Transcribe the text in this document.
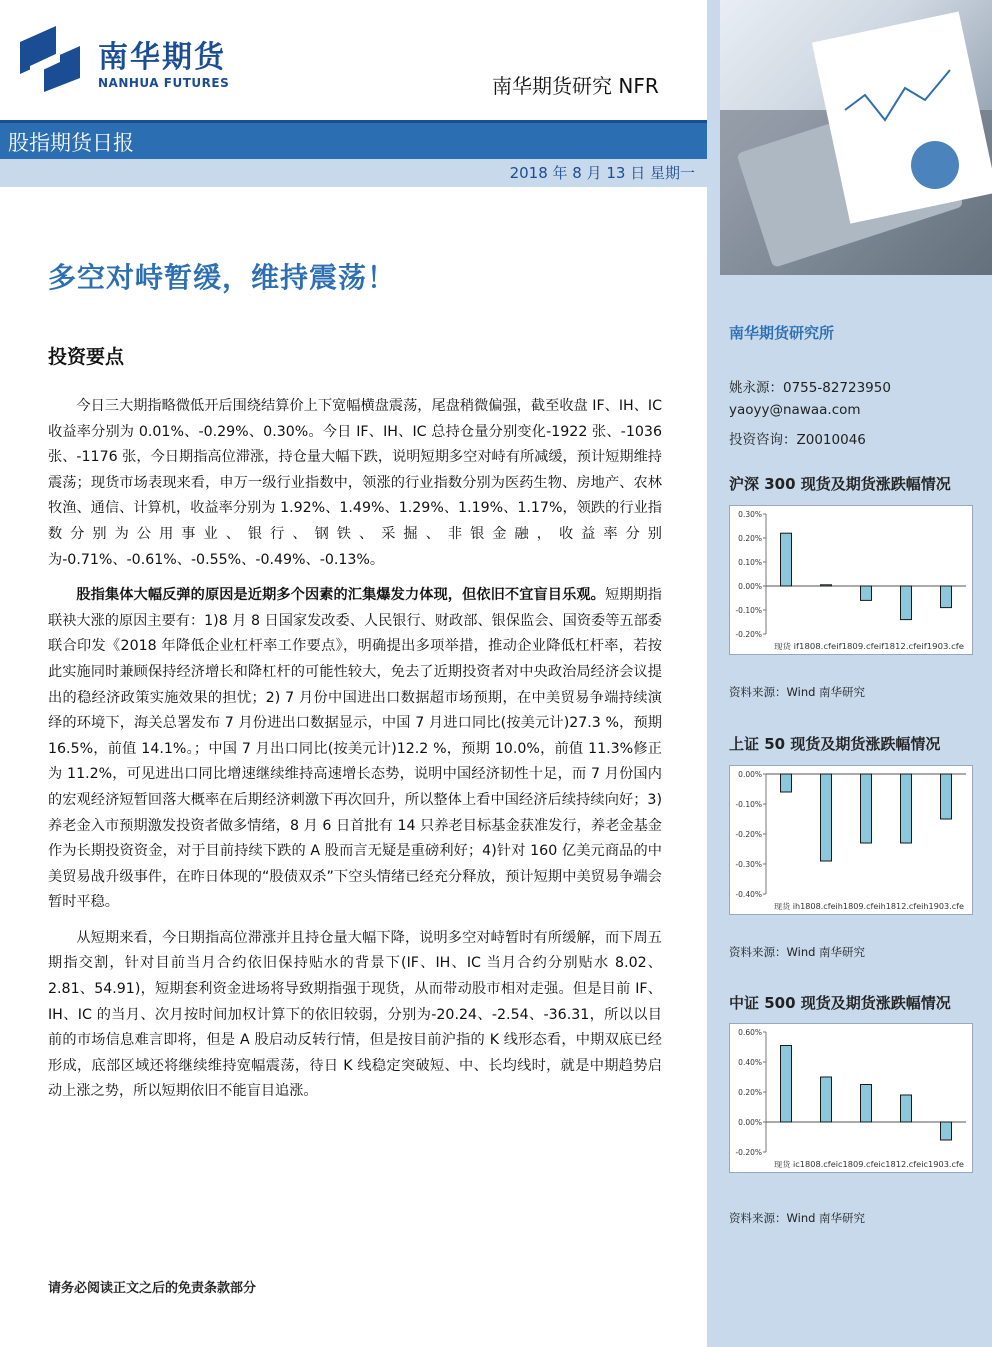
南华期货
NANHUA FUTURES	南华期货研究 NFR
股指期货日报
2018 年 8 月 13 日 星期一
多空对峙暂缓，维持震荡！
投资要点

今日三大期指略微低开后围绕结算价上下宽幅横盘震荡，尾盘稍微偏强，截至收盘 IF、IH、IC 收益率分别为 0.01%、-0.29%、0.30%。今日 IF、IH、IC 总持仓量分别变化-1922 张、-1036 张、-1176 张，今日期指高位滞涨，持仓量大幅下跌，说明短期多空对峙有所减缓，预计短期维持震荡；现货市场表现来看，申万一级行业指数中，领涨的行业指数分别为医药生物、房地产、农林牧渔、通信、计算机，收益率分别为 1.92%、1.49%、1.29%、1.19%、1.17%，领跌的行业指数分别为公用事业、银行、钢铁、采掘、非银金融，收益率分别为-0.71%、-0.61%、-0.55%、-0.49%、-0.13%。

股指集体大幅反弹的原因是近期多个因素的汇集爆发力体现，但依旧不宜盲目乐观。短期期指联袂大涨的原因主要有：1)8 月 8 日国家发改委、人民银行、财政部、银保监会、国资委等五部委联合印发《2018 年降低企业杠杆率工作要点》，明确提出多项举措，推动企业降低杠杆率，若按此实施同时兼顾保持经济增长和降杠杆的可能性较大，免去了近期投资者对中央政治局经济会议提出的稳经济政策实施效果的担忧；2) 7 月份中国进出口数据超市场预期，在中美贸易争端持续演绎的环境下，海关总署发布 7 月份进出口数据显示，中国 7 月进口同比(按美元计)27.3 %，预期 16.5%，前值 14.1%。；中国 7 月出口同比(按美元计)12.2 %，预期 10.0%，前值 11.3%修正为 11.2%，可见进出口同比增速继续维持高速增长态势，说明中国经济韧性十足，而 7 月份国内的宏观经济短暂回落大概率在后期经济刺激下再次回升，所以整体上看中国经济后续持续向好；3)养老金入市预期激发投资者做多情绪，8 月 6 日首批有 14 只养老目标基金获准发行，养老金基金作为长期投资资金，对于目前持续下跌的 A 股而言无疑是重磅利好；4)针对 160 亿美元商品的中美贸易战升级事件，在昨日体现的“股债双杀”下空头情绪已经充分释放，预计短期中美贸易争端会暂时平稳。

从短期来看，今日期指高位滞涨并且持仓量大幅下降，说明多空对峙暂时有所缓解，而下周五期指交割，针对目前当月合约依旧保持贴水的背景下(IF、IH、IC 当月合约分别贴水 8.02、2.81、54.91)，短期套利资金进场将导致期指强于现货，从而带动股市相对走强。但是目前 IF、IH、IC 的当月、次月按时间加权计算下的依旧较弱，分别为-20.24、-2.54、-36.31，所以以目前的市场信息难言即将，但是 A 股启动反转行情，但是按目前沪指的 K 线形态看，中期双底已经形成，底部区域还将继续维持宽幅震荡，待日 K 线稳定突破短、中、长均线时，就是中期趋势启动上涨之势，所以短期依旧不能盲目追涨。

请务必阅读正文之后的免责条款部分
南华期货研究所
姚永源：0755-82723950
yaoyy@nawaa.com
投资咨询：Z0010046
沪深 300 现货及期货涨跌幅情况
-0.20%
-0.10%
0.00%
0.10%
0.20%
0.30%
现货 if1808.cfe if1809.cfe if1812.cfe if1903.cfe
资料来源：Wind 南华研究
上证 50 现货及期货涨跌幅情况
-0.40%
-0.30%
-0.20%
-0.10%
0.00%
现货 ih1808.cfe ih1809.cfe ih1812.cfe ih1903.cfe
资料来源：Wind 南华研究
中证 500 现货及期货涨跌幅情况
-0.20%
0.00%
0.20%
0.40%
0.60%
现货 ic1808.cfe ic1809.cfe ic1812.cfe ic1903.cfe
资料来源：Wind 南华研究
